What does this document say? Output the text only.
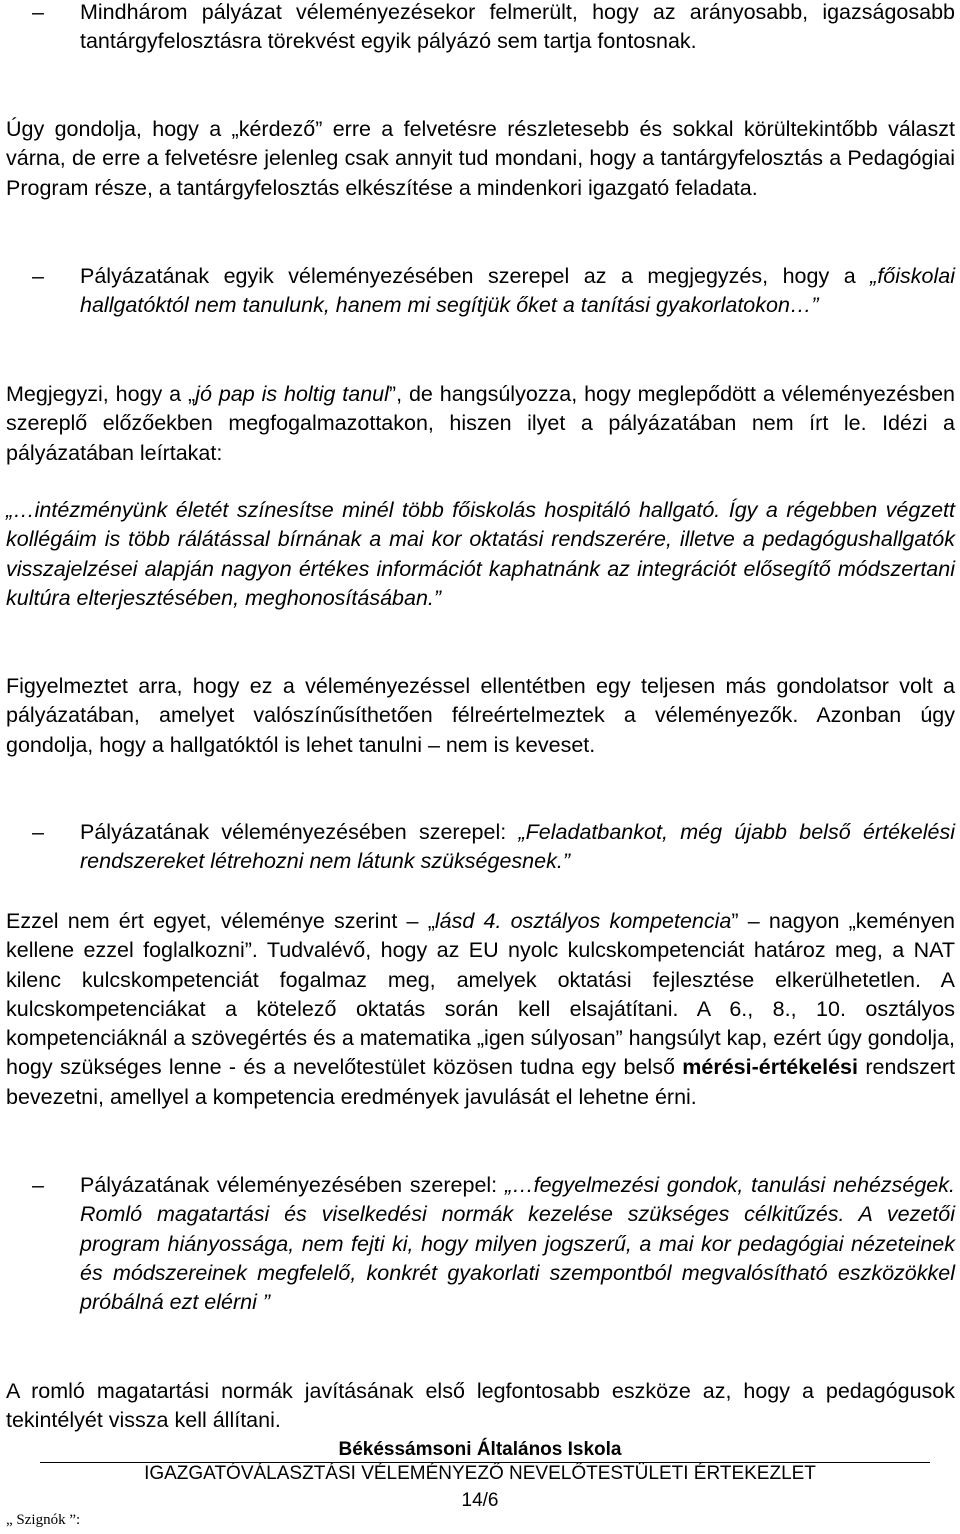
– Mindhárom pályázat véleményezésekor felmerült, hogy az arányosabb, igazságosabb tantárgyfelosztásra törekvést egyik pályázó sem tartja fontosnak.

Úgy gondolja, hogy a „kérdező” erre a felvetésre részletesebb és sokkal körültekintőbb választ várna, de erre a felvetésre jelenleg csak annyit tud mondani, hogy a tantárgyfelosztás a Pedagógiai Program része, a tantárgyfelosztás elkészítése a mindenkori igazgató feladata.

– Pályázatának egyik véleményezésében szerepel az a megjegyzés, hogy a „főiskolai hallgatóktól nem tanulunk, hanem mi segítjük őket a tanítási gyakorlatokon…”

Megjegyzi, hogy a „jó pap is holtig tanul”, de hangsúlyozza, hogy meglepődött a véleményezésben szereplő előzőekben megfogalmazottakon, hiszen ilyet a pályázatában nem írt le. Idézi a pályázatában leírtakat:

„…intézményünk életét színesítse minél több főiskolás hospitáló hallgató. Így a régebben végzett kollégáim is több rálátással bírnának a mai kor oktatási rendszerére, illetve a pedagógushallgatók visszajelzései alapján nagyon értékes információt kaphatnánk az integrációt elősegítő módszertani kultúra elterjesztésében, meghonosításában.”

Figyelmeztet arra, hogy ez a véleményezéssel ellentétben egy teljesen más gondolatsor volt a pályázatában, amelyet valószínűsíthetően félreértelmeztek a véleményezők. Azonban úgy gondolja, hogy a hallgatóktól is lehet tanulni – nem is keveset.

– Pályázatának véleményezésében szerepel: „Feladatbankot, még újabb belső értékelési rendszereket létrehozni nem látunk szükségesnek.”

Ezzel nem ért egyet, véleménye szerint – „lásd 4. osztályos kompetencia” – nagyon „keményen kellene ezzel foglalkozni”. Tudvalévő, hogy az EU nyolc kulcskompetenciát határoz meg, a NAT kilenc kulcskompetenciát fogalmaz meg, amelyek oktatási fejlesztése elkerülhetetlen. A kulcskompetenciákat a kötelező oktatás során kell elsajátítani. A 6., 8., 10. osztályos kompetenciáknál a szövegértés és a matematika „igen súlyosan” hangsúlyt kap, ezért úgy gondolja, hogy szükséges lenne - és a nevelőtestület közösen tudna egy belső mérési-értékelési rendszert bevezetni, amellyel a kompetencia eredmények javulását el lehetne érni.

– Pályázatának véleményezésében szerepel: „…fegyelmezési gondok, tanulási nehézségek. Romló magatartási és viselkedési normák kezelése szükséges célkitűzés. A vezetői program hiányossága, nem fejti ki, hogy milyen jogszerű, a mai kor pedagógiai nézeteinek és módszereinek megfelelő, konkrét gyakorlati szempontból megvalósítható eszközökkel próbálná ezt elérni ”

A romló magatartási normák javításának első legfontosabb eszköze az, hogy a pedagógusok tekintélyét vissza kell állítani.

Békéssámsoni Általános Iskola
IGAZGATÓVÁLASZTÁSI VÉLEMÉNYEZŐ NEVELŐTESTÜLETI ÉRTEKEZLET
14/6
„ Szignók ”:
